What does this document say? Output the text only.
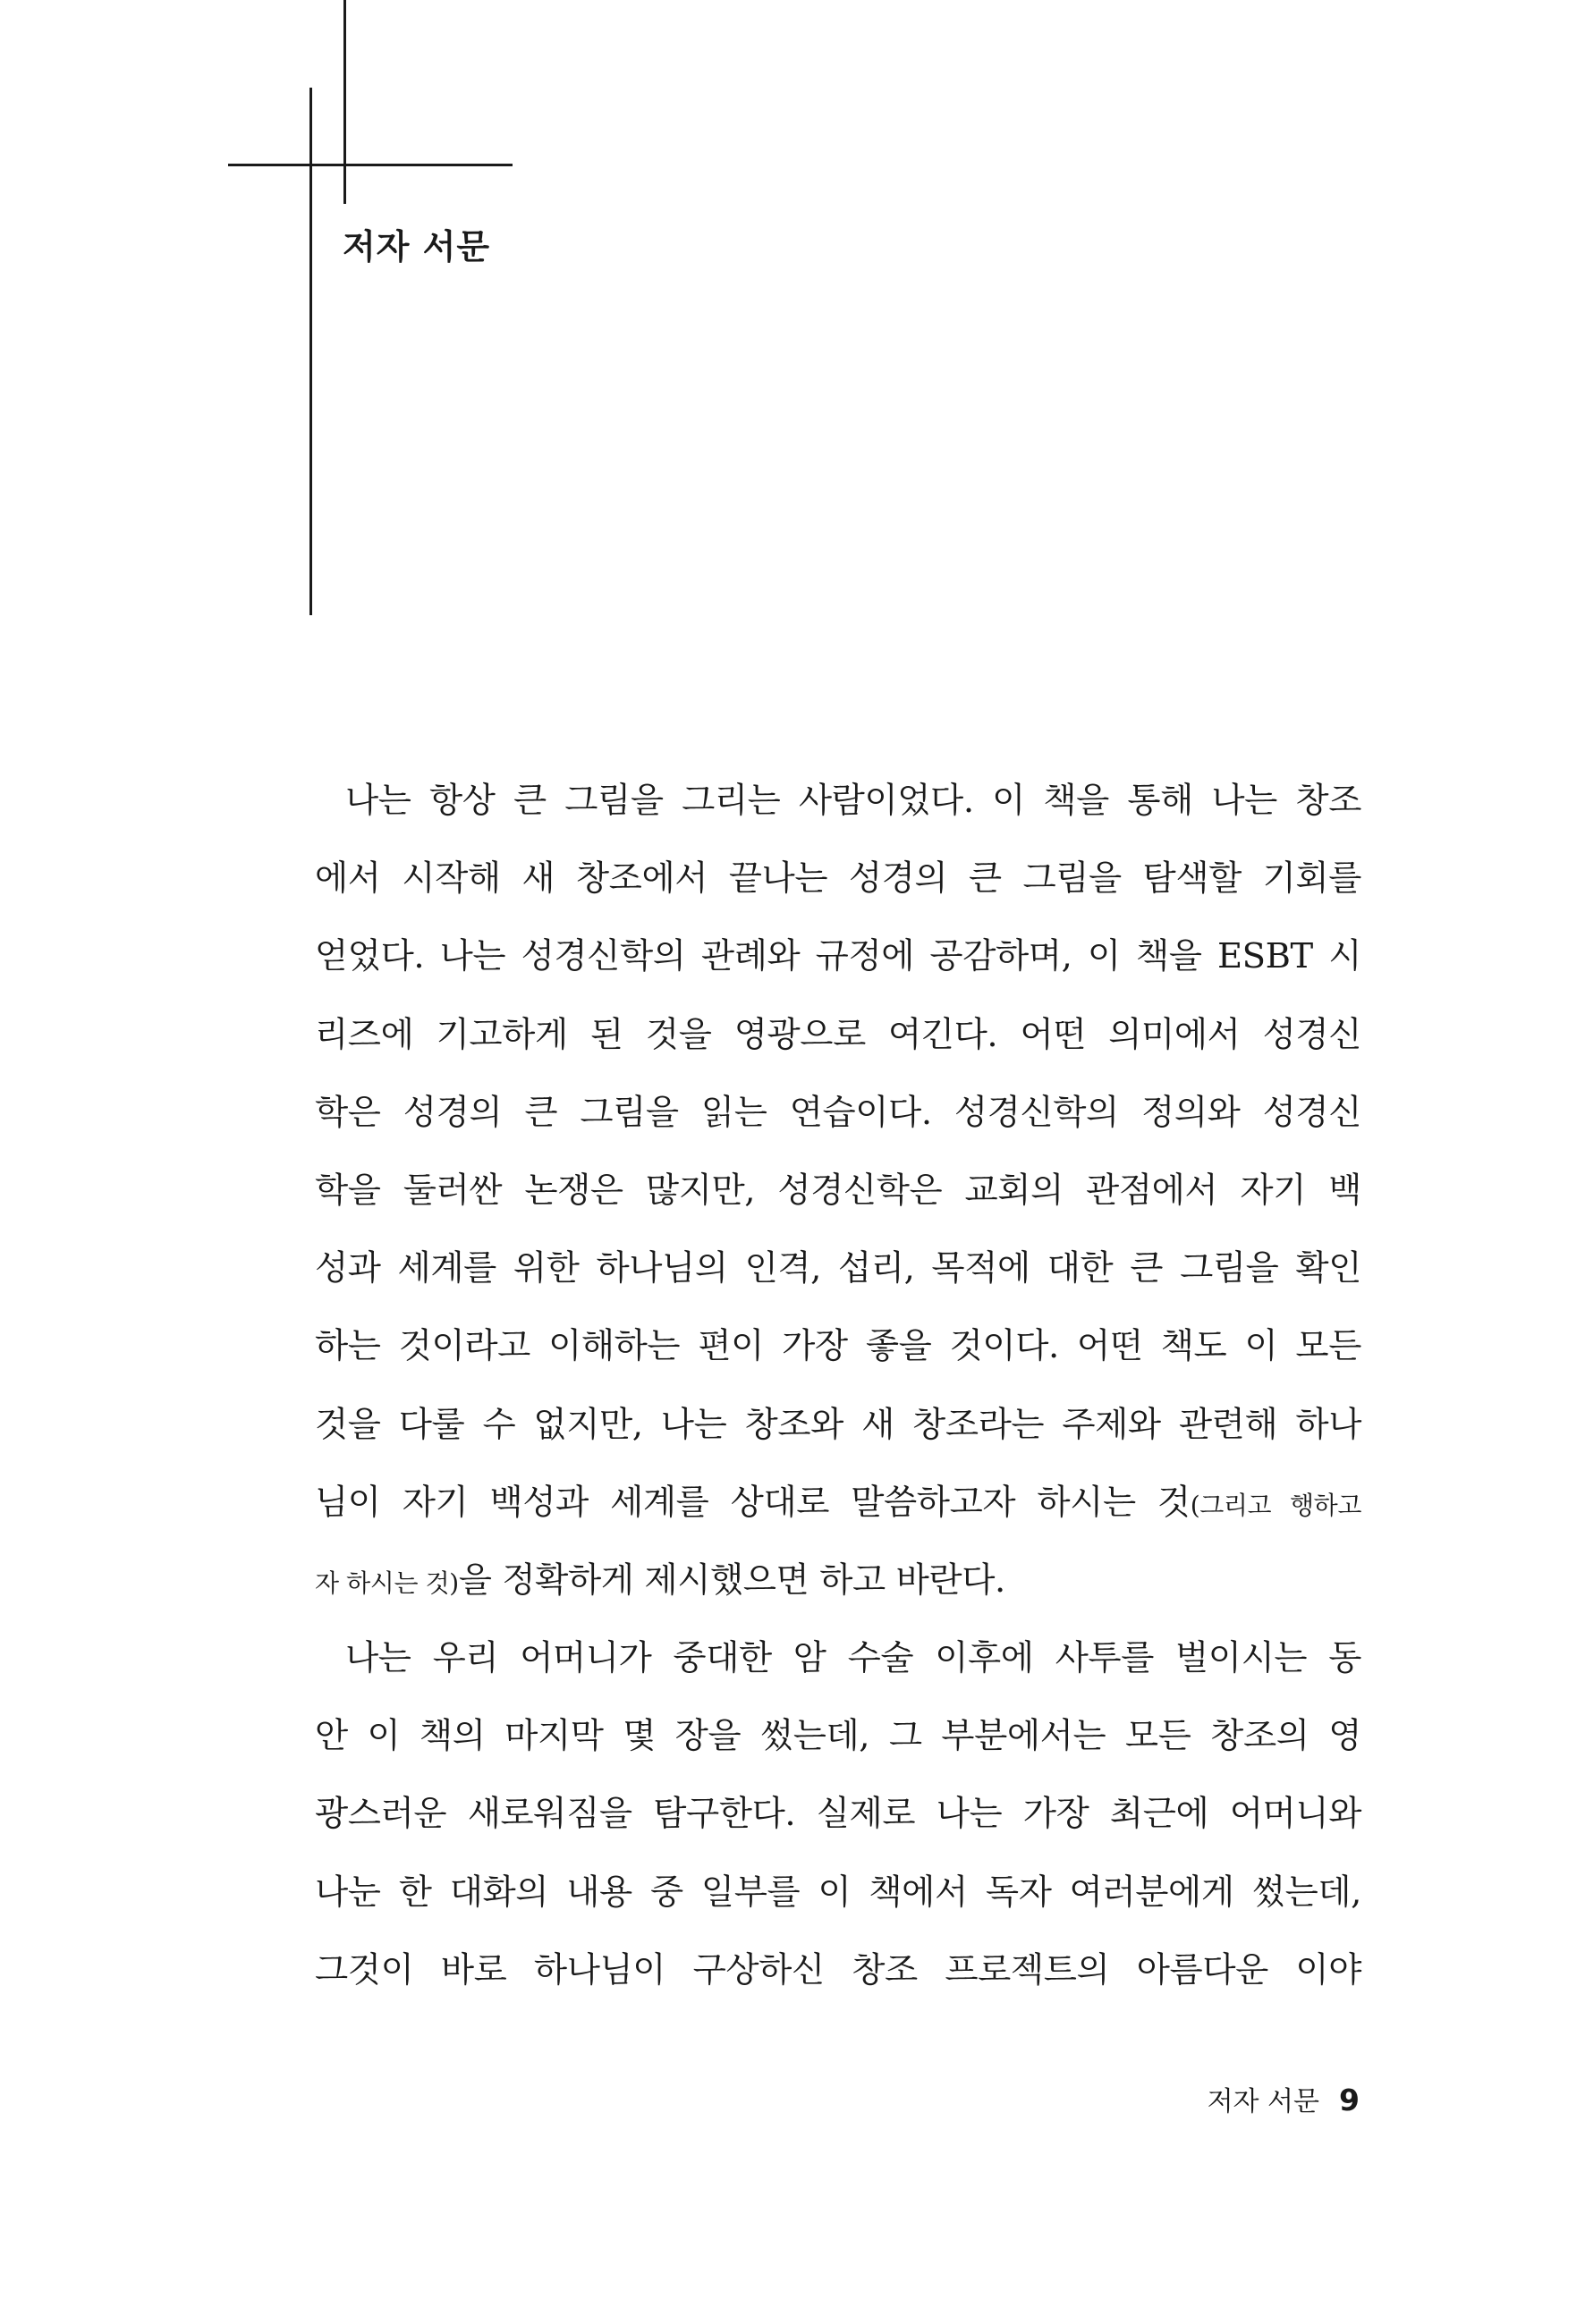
저자 서문
나는 항상 큰 그림을 그리는 사람이었다. 이 책을 통해 나는 창조
에서 시작해 새 창조에서 끝나는 성경의 큰 그림을 탐색할 기회를
얻었다. 나는 성경신학의 관례와 규정에 공감하며, 이 책을 ESBT 시
리즈에 기고하게 된 것을 영광으로 여긴다. 어떤 의미에서 성경신
학은 성경의 큰 그림을 읽는 연습이다. 성경신학의 정의와 성경신
학을 둘러싼 논쟁은 많지만, 성경신학은 교회의 관점에서 자기 백
성과 세계를 위한 하나님의 인격, 섭리, 목적에 대한 큰 그림을 확인
하는 것이라고 이해하는 편이 가장 좋을 것이다. 어떤 책도 이 모든
것을 다룰 수 없지만, 나는 창조와 새 창조라는 주제와 관련해 하나
님이 자기 백성과 세계를 상대로 말씀하고자 하시는 것(그리고 행하고
자 하시는 것)을 정확하게 제시했으면 하고 바란다.
나는 우리 어머니가 중대한 암 수술 이후에 사투를 벌이시는 동
안 이 책의 마지막 몇 장을 썼는데, 그 부분에서는 모든 창조의 영
광스러운 새로워짐을 탐구한다. 실제로 나는 가장 최근에 어머니와
나눈 한 대화의 내용 중 일부를 이 책에서 독자 여러분에게 썼는데,
그것이 바로 하나님이 구상하신 창조 프로젝트의 아름다운 이야
저자 서문 9
